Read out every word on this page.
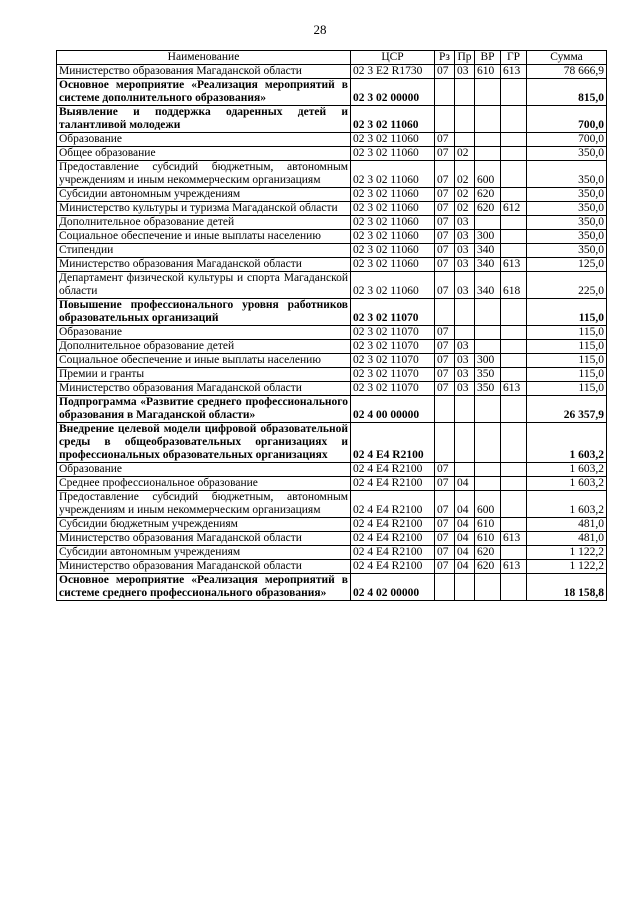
28
Наименование	ЦСР	Рз	Пр	ВР	ГР	Сумма
Министерство образования Магаданской области	02 3 E2 R1730	07	03	610	613	78 666,9
Основное мероприятие «Реализация мероприятий в системе дополнительного образования»	02 3 02 00000					815,0
Выявление и поддержка одаренных детей и талантливой молодежи	02 3 02 11060					700,0
Образование	02 3 02 11060	07				700,0
Общее образование	02 3 02 11060	07	02			350,0
Предоставление субсидий бюджетным, автономным учреждениям и иным некоммерческим организациям	02 3 02 11060	07	02	600		350,0
Субсидии автономным учреждениям	02 3 02 11060	07	02	620		350,0
Министерство культуры и туризма Магаданской области	02 3 02 11060	07	02	620	612	350,0
Дополнительное образование детей	02 3 02 11060	07	03			350,0
Социальное обеспечение и иные выплаты населению	02 3 02 11060	07	03	300		350,0
Стипендии	02 3 02 11060	07	03	340		350,0
Министерство образования Магаданской области	02 3 02 11060	07	03	340	613	125,0
Департамент физической культуры и спорта Магаданской области	02 3 02 11060	07	03	340	618	225,0
Повышение профессионального уровня работников образовательных организаций	02 3 02 11070					115,0
Образование	02 3 02 11070	07				115,0
Дополнительное образование детей	02 3 02 11070	07	03			115,0
Социальное обеспечение и иные выплаты населению	02 3 02 11070	07	03	300		115,0
Премии и гранты	02 3 02 11070	07	03	350		115,0
Министерство образования Магаданской области	02 3 02 11070	07	03	350	613	115,0
Подпрограмма «Развитие среднего профессионального образования в Магаданской области»	02 4 00 00000					26 357,9
Внедрение целевой модели цифровой образовательной среды в общеобразовательных организациях и профессиональных образовательных организациях	02 4 E4 R2100					1 603,2
Образование	02 4 E4 R2100	07				1 603,2
Среднее профессиональное образование	02 4 E4 R2100	07	04			1 603,2
Предоставление субсидий бюджетным, автономным учреждениям и иным некоммерческим организациям	02 4 E4 R2100	07	04	600		1 603,2
Субсидии бюджетным учреждениям	02 4 E4 R2100	07	04	610		481,0
Министерство образования Магаданской области	02 4 E4 R2100	07	04	610	613	481,0
Субсидии автономным учреждениям	02 4 E4 R2100	07	04	620		1 122,2
Министерство образования Магаданской области	02 4 E4 R2100	07	04	620	613	1 122,2
Основное мероприятие «Реализация мероприятий в системе среднего профессионального образования»	02 4 02 00000					18 158,8
